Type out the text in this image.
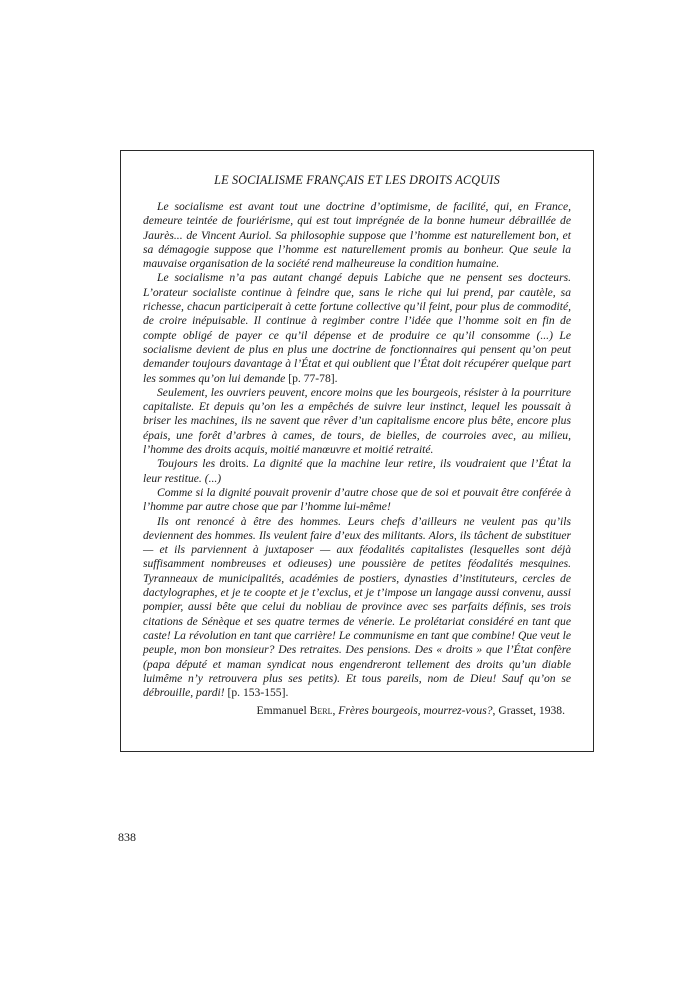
LE SOCIALISME FRANÇAIS ET LES DROITS ACQUIS

Le socialisme est avant tout une doctrine d’optimisme, de facilité, qui, en France, demeure teintée de fouriérisme, qui est tout imprégnée de la bonne humeur débraillée de Jaurès... de Vincent Auriol. Sa philosophie suppose que l’homme est naturellement bon, et sa démagogie suppose que l’homme est naturellement promis au bonheur. Que seule la mauvaise organisation de la société rend malheureuse la condition humaine.

Le socialisme n’a pas autant changé depuis Labiche que ne pensent ses docteurs. L’orateur socialiste continue à feindre que, sans le riche qui lui prend, par cautèle, sa richesse, chacun participerait à cette fortune collective qu’il feint, pour plus de commodité, de croire inépuisable. Il continue à regimber contre l’idée que l’homme soit en fin de compte obligé de payer ce qu’il dépense et de produire ce qu’il consomme (...) Le socialisme devient de plus en plus une doctrine de fonctionnaires qui pensent qu’on peut demander toujours davantage à l’État et qui oublient que l’État doit récupérer quelque part les sommes qu’on lui demande [p. 77-78].

Seulement, les ouvriers peuvent, encore moins que les bourgeois, résister à la pourriture capitaliste. Et depuis qu’on les a empêchés de suivre leur instinct, lequel les poussait à briser les machines, ils ne savent que rêver d’un capitalisme encore plus bête, encore plus épais, une forêt d’arbres à cames, de tours, de bielles, de courroies avec, au milieu, l’homme des droits acquis, moitié manœuvre et moitié retraité.

Toujours les droits. La dignité que la machine leur retire, ils voudraient que l’État la leur restitue. (...)

Comme si la dignité pouvait provenir d’autre chose que de soi et pouvait être conférée à l’homme par autre chose que par l’homme lui-même!

Ils ont renoncé à être des hommes. Leurs chefs d’ailleurs ne veulent pas qu’ils deviennent des hommes. Ils veulent faire d’eux des militants. Alors, ils tâchent de substituer — et ils parviennent à juxtaposer — aux féodalités capitalistes (lesquelles sont déjà suffisamment nombreuses et odieuses) une poussière de petites féodalités mesquines. Tyranneaux de municipalités, académies de postiers, dynasties d’instituteurs, cercles de dactylographes, et je te coopte et je t’exclus, et je t’impose un langage aussi convenu, aussi pompier, aussi bête que celui du nobliau de province avec ses parfaits définis, ses trois citations de Sénèque et ses quatre termes de vénerie. Le prolétariat considéré en tant que caste! La révolution en tant que carrière! Le communisme en tant que combine! Que veut le peuple, mon bon monsieur? Des retraites. Des pensions. Des « droits » que l’État confère (papa député et maman syndicat nous engendreront tellement des droits qu’un diable luimême n’y retrouvera plus ses petits). Et tous pareils, nom de Dieu! Sauf qu’on se débrouille, pardi! [p. 153-155].

Emmanuel Berl, Frères bourgeois, mourrez-vous?, Grasset, 1938.
838
